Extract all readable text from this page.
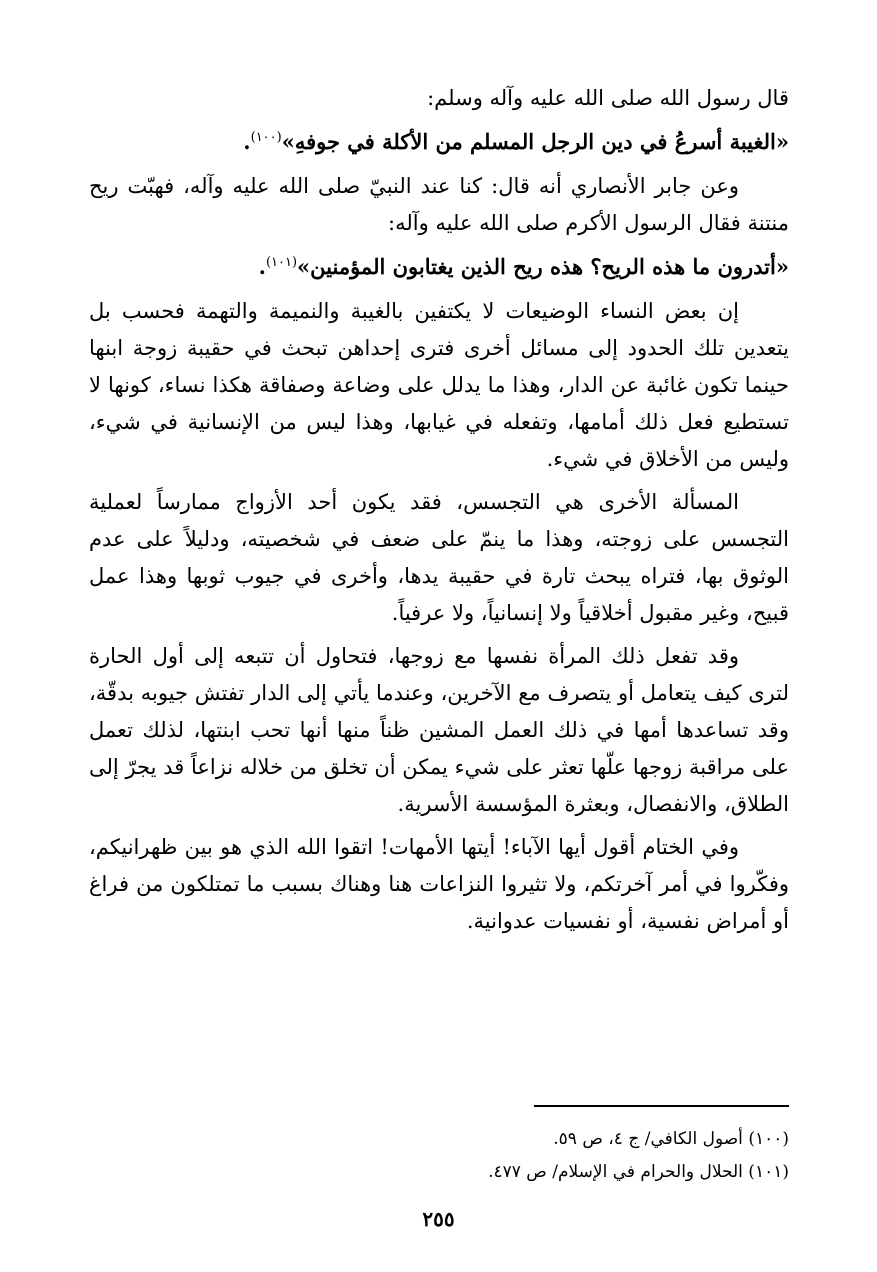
قال رسول الله صلى الله عليه وآله وسلم:

«الغيبة أسرعُ في دين الرجل المسلم من الأكلة في جوفهِ»$^{(١٠٠)}$.

وعن جابر الأنصاري أنه قال: كنا عند النبيّ صلى الله عليه وآله، فهبّت ريح منتنة فقال الرسول الأكرم صلى الله عليه وآله:

«أتدرون ما هذه الريح؟ هذه ريح الذين يغتابون المؤمنين»$^{(١٠١)}$.

إن بعض النساء الوضيعات لا يكتفين بالغيبة والنميمة والتهمة فحسب بل يتعدين تلك الحدود إلى مسائل أخرى فترى إحداهن تبحث في حقيبة زوجة ابنها حينما تكون غائبة عن الدار، وهذا ما يدلل على وضاعة وصفاقة هكذا نساء، كونها لا تستطيع فعل ذلك أمامها، وتفعله في غيابها، وهذا ليس من الإنسانية في شيء، وليس من الأخلاق في شيء.

المسألة الأخرى هي التجسس، فقد يكون أحد الأزواج ممارساً لعملية التجسس على زوجته، وهذا ما ينمّ على ضعف في شخصيته، ودليلاً على عدم الوثوق بها، فتراه يبحث تارة في حقيبة يدها، وأخرى في جيوب ثوبها وهذا عمل قبيح، وغير مقبول أخلاقياً ولا إنسانياً، ولا عرفياً.

وقد تفعل ذلك المرأة نفسها مع زوجها، فتحاول أن تتبعه إلى أول الحارة لترى كيف يتعامل أو يتصرف مع الآخرين، وعندما يأتي إلى الدار تفتش جيوبه بدقّة، وقد تساعدها أمها في ذلك العمل المشين ظناً منها أنها تحب ابنتها، لذلك تعمل على مراقبة زوجها علّها تعثر على شيء يمكن أن تخلق من خلاله نزاعاً قد يجرّ إلى الطلاق، والانفصال، وبعثرة المؤسسة الأسرية.

وفي الختام أقول أيها الآباء! أيتها الأمهات! اتقوا الله الذي هو بين ظهرانيكم، وفكّروا في أمر آخرتكم، ولا تثيروا النزاعات هنا وهناك بسبب ما تمتلكون من فراغ أو أمراض نفسية، أو نفسيات عدوانية.

(١٠٠) أصول الكافي/ ج ٤، ص ٥٩.

(١٠١) الحلال والحرام في الإسلام/ ص ٤٧٧.

٢٥٥
